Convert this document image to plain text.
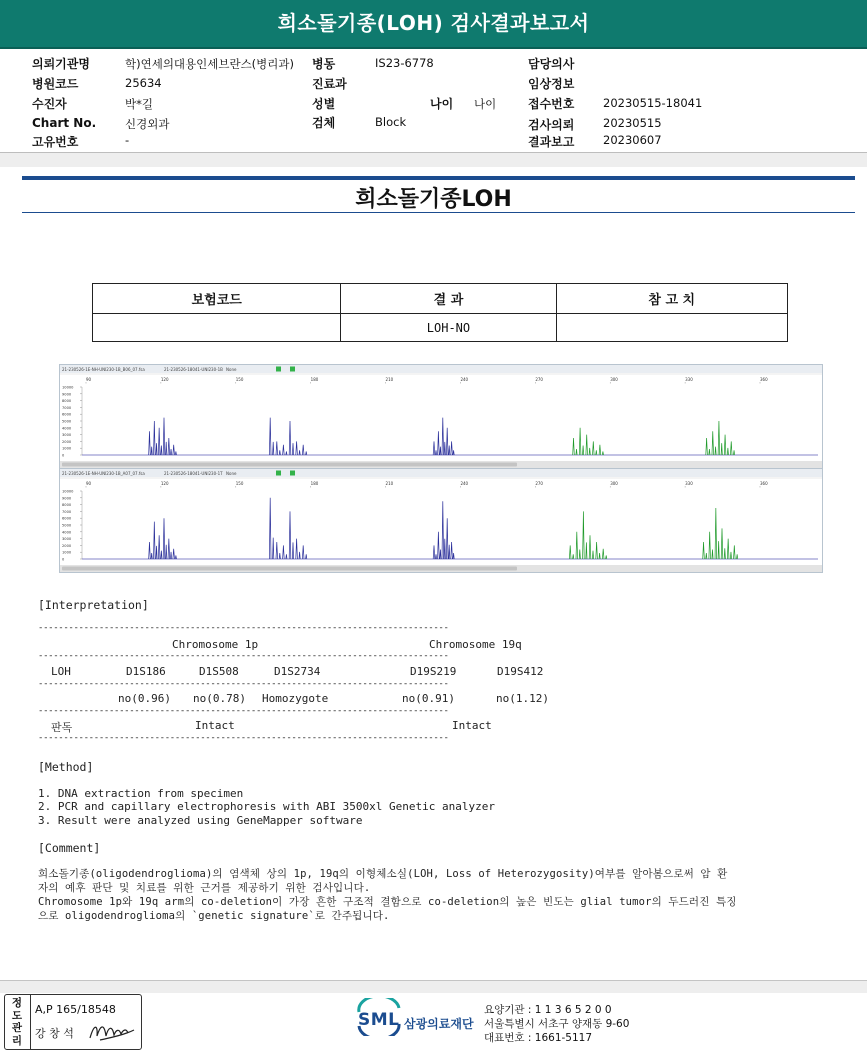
희소돌기종(LOH) 검사결과보고서
의뢰기관명	학)연세의대용인세브란스(병리과) 병동	IS23-6778	담당의사
병원코드	25634	진료과	임상정보
수진자	박*길	성별	나이 나이	접수번호 20230515-18041
Chart No.	신경외과	검체	Block	검사의뢰 20230515
고유번호	-	결과보고 20230607
희소돌기종LOH
보험코드	결 과	참 고 치
	LOH-NO	
21-230526-1E-NH-UNI230-1B_B06_07.fsa	21-230526-18041-UNI230-1B None
90	120	150	180	210	240	270	300	330	360
10000
9000
8000
7000
6000
5000
4000
3000
2000
1000
0
21-230526-1E-NH-UNI230-1B_A07_07.fsa	21-230526-18041-UNI230-1T None
90	120	150	180	210	240	270	300	330	360
10000
9000
8000
7000
6000
5000
4000
3000
2000
1000
0
[Interpretation]
---------------------------------------------------------------------------------
Chromosome 1p	Chromosome 19q
---------------------------------------------------------------------------------
LOH	D1S186	D1S508	D1S2734	D19S219	D19S412
---------------------------------------------------------------------------------
no(0.96) no(0.78) Homozygote	no(0.91)	no(1.12)
---------------------------------------------------------------------------------
판독	Intact	Intact
---------------------------------------------------------------------------------
[Method]
1. DNA extraction from specimen
2. PCR and capillary electrophoresis with ABI 3500xl Genetic analyzer
3. Result were analyzed using GeneMapper software
[Comment]
희소돌기종(oligodendroglioma)의 염색체 상의 1p, 19q의 이형체소실(LOH, Loss of Heterozygosity)여부를 알아봄으로써 암 환
자의 예후 판단 및 치료를 위한 근거를 제공하기 위한 검사입니다.
Chromosome 1p와 19q arm의 co-deletion이 가장 흔한 구조적 결함으로 co-deletion의 높은 빈도는 glial tumor의 두드러진 특징
으로 oligodendroglioma의 `genetic signature`로 간주됩니다.
정도관리
A,P 165/18548
강 창 석
SML 삼광의료재단
요양기관 : 1 1 3 6 5 2 0 0
서울특별시 서초구 양재동 9-60
대표번호 : 1661-5117
